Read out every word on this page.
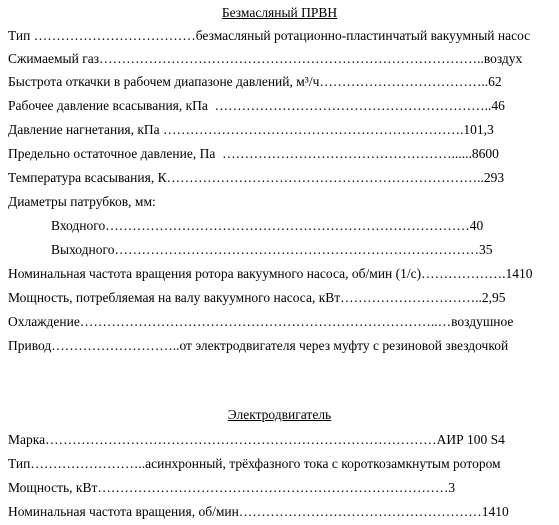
Безмасляный ПРВН
Тип ………………………………безмасляный ротационно-пластинчатый вакуумный насос
Сжимаемый газ…………………………………………………………………………..воздух
Быстрота откачки в рабочем диапазоне давлений, м³/ч………………………………..62
Рабочее давление всасывания, кПа  ……………………………………………………..46
Давление нагнетания, кПа ………………………………………………………….101,3
Предельно остаточное давление, Па  ……………………………………………......8600
Температура всасывания, К……………………………………………………………..293
Диаметры патрубков, мм:
Входного………………………………………………………………………40
Выходного………………………………………………………………………35
Номинальная частота вращения ротора вакуумного насоса, об/мин (1/с)……………….1410
Мощность, потребляемая на валу вакуумного насоса, кВт…………………………..2,95
Охлаждение……………………………………………………………………..…воздушное
Привод………………………..от электродвигателя через муфту с резиновой звездочкой
Электродвигатель
Марка……………………………………………………………………………АИР 100 S4
Тип……………………..асинхронный, трёхфазного тока с короткозамкнутым ротором
Мощность, кВт……………………………………………………………………3
Номинальная частота вращения, об/мин………………………………………………1410
